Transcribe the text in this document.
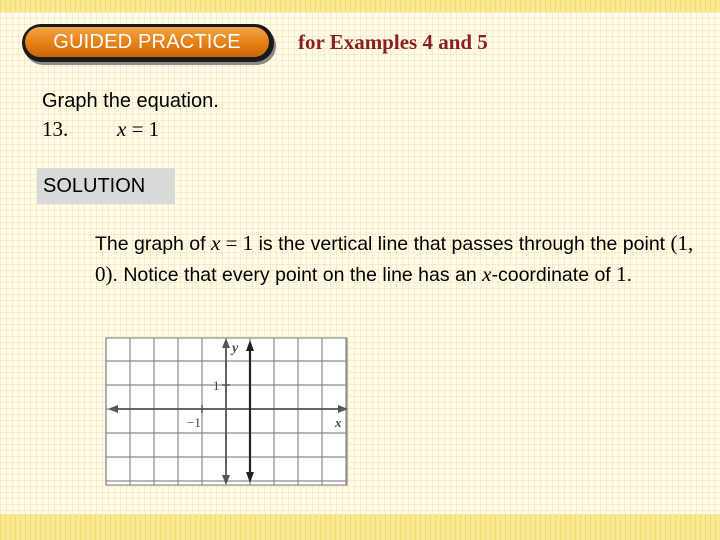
GUIDED PRACTICE	for Examples 4 and 5
Graph the equation.
13. x = 1
SOLUTION
The graph of x = 1 is the vertical line that passes through the point (1, 0). Notice that every point on the line has an x-coordinate of 1.
y
x
1
−1
